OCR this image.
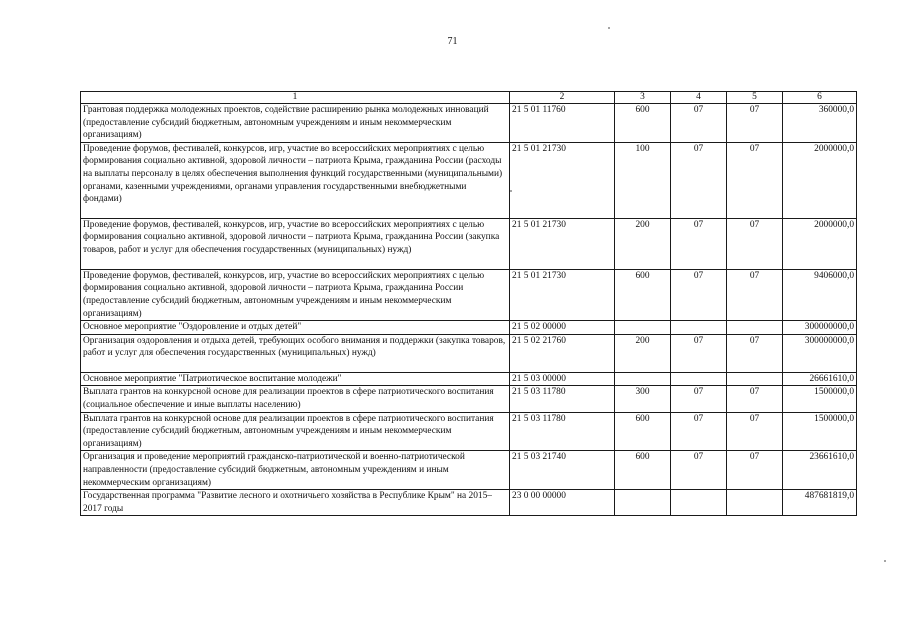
71
1	2	3	4	5	6
Грантовая поддержка молодежных проектов, содействие расширению рынка молодежных инноваций (предоставление субсидий бюджетным, автономным учреждениям и иным некоммерческим организациям)	21 5 01 11760	600	07	07	360000,0
Проведение форумов, фестивалей, конкурсов, игр, участие во всероссийских мероприятиях с целью формирования социально активной, здоровой личности – патриота Крыма, гражданина России (расходы на выплаты персоналу в целях обеспечения выполнения функций государственными (муниципальными) органами, казенными учреждениями, органами управления государственными внебюджетными фондами)	21 5 01 21730	100	07	07	2000000,0
Проведение форумов, фестивалей, конкурсов, игр, участие во всероссийских мероприятиях с целью формирования социально активной, здоровой личности – патриота Крыма, гражданина России (закупка товаров, работ и услуг для обеспечения государственных (муниципальных) нужд)	21 5 01 21730	200	07	07	2000000,0
Проведение форумов, фестивалей, конкурсов, игр, участие во всероссийских мероприятиях с целью формирования социально активной, здоровой личности – патриота Крыма, гражданина России (предоставление субсидий бюджетным, автономным учреждениям и иным некоммерческим организациям)	21 5 01 21730	600	07	07	9406000,0
Основное мероприятие "Оздоровление и отдых детей"	21 5 02 00000				300000000,0
Организация оздоровления и отдыха детей, требующих особого внимания и поддержки (закупка товаров, работ и услуг для обеспечения государственных (муниципальных) нужд)	21 5 02 21760	200	07	07	300000000,0
Основное мероприятие "Патриотическое воспитание молодежи"	21 5 03 00000				26661610,0
Выплата грантов на конкурсной основе для реализации проектов в сфере патриотического воспитания (социальное обеспечение и иные выплаты населению)	21 5 03 11780	300	07	07	1500000,0
Выплата грантов на конкурсной основе для реализации проектов в сфере патриотического воспитания (предоставление субсидий бюджетным, автономным учреждениям и иным некоммерческим организациям)	21 5 03 11780	600	07	07	1500000,0
Организация и проведение мероприятий гражданско-патриотической и военно-патриотической направленности (предоставление субсидий бюджетным, автономным учреждениям и иным некоммерческим организациям)	21 5 03 21740	600	07	07	23661610,0
Государственная программа "Развитие лесного и охотничьего хозяйства в Республике Крым" на 2015–2017 годы	23 0 00 00000				487681819,0
